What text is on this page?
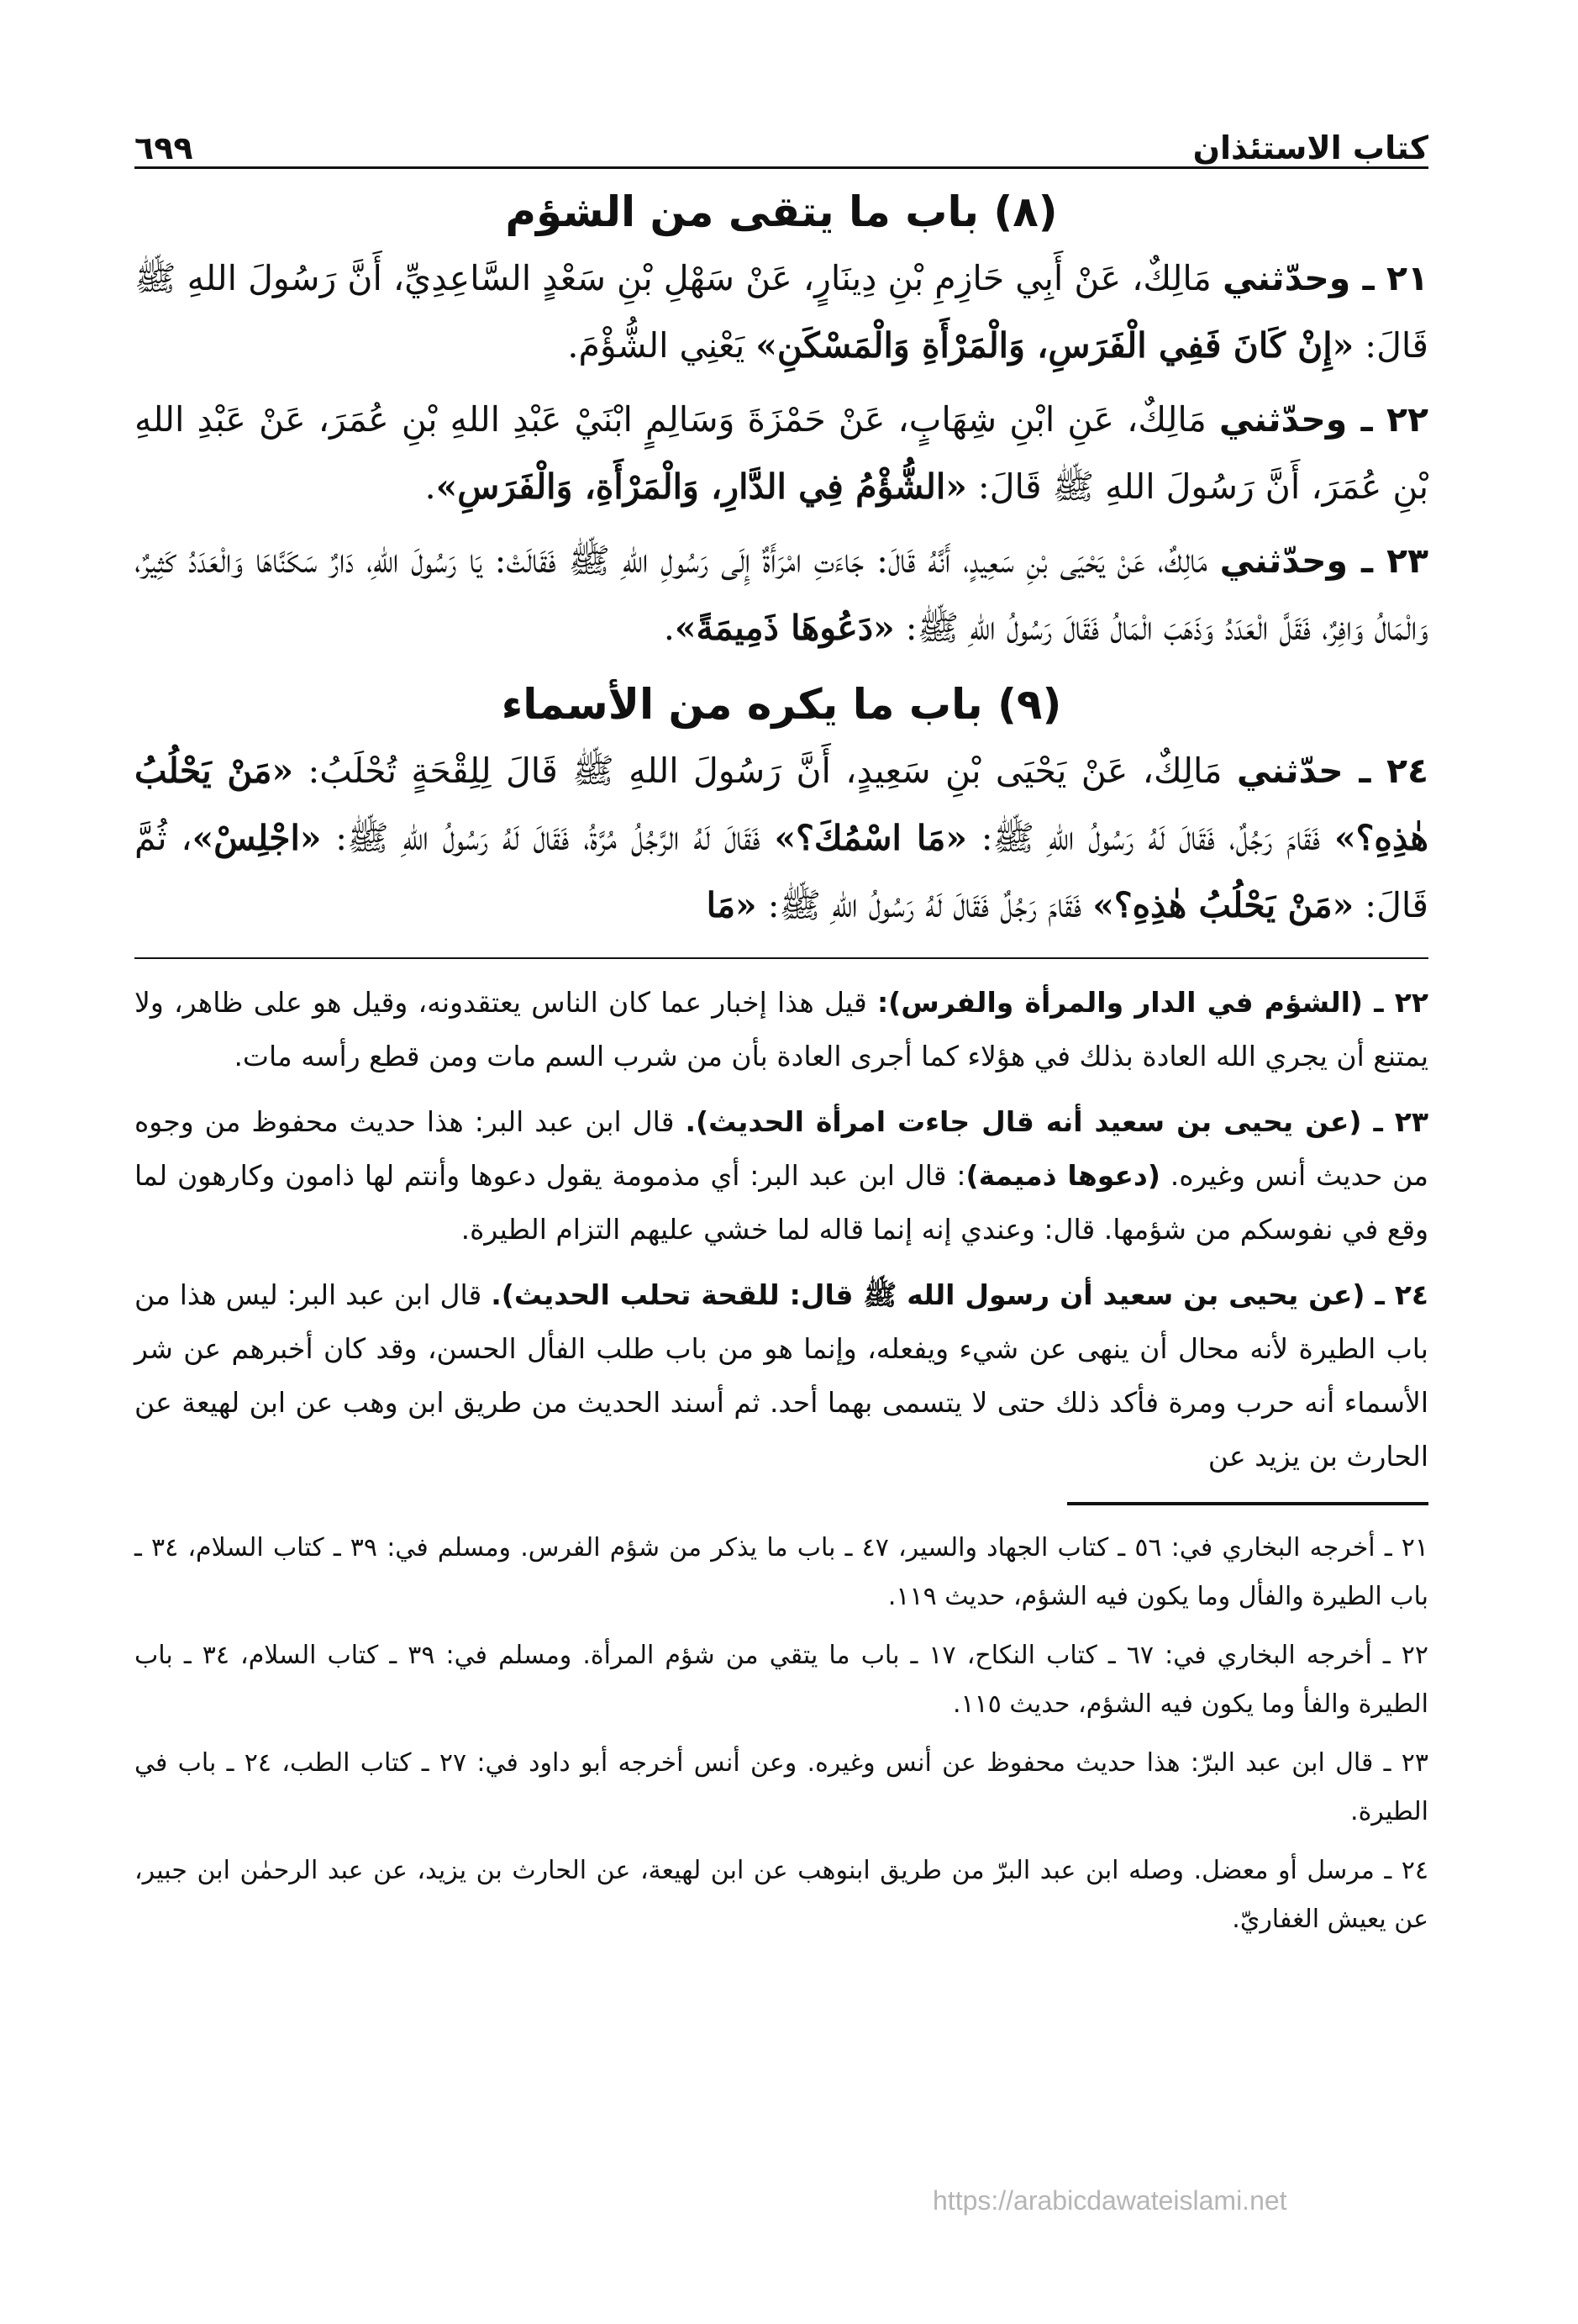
كتاب الاستئذان
٦٩٩
(٨) باب ما يتقى من الشؤم

٢١ ـ وحدّثني مَالِكٌ، عَنْ أَبِي حَازِمِ بْنِ دِينَارٍ، عَنْ سَهْلِ بْنِ سَعْدٍ السَّاعِدِيِّ، أَنَّ رَسُولَ اللهِ ﷺ قَالَ: «إِنْ كَانَ فَفِي الْفَرَسِ، وَالْمَرْأَةِ وَالْمَسْكَنِ» يَعْنِي الشُّؤْمَ.

٢٢ ـ وحدّثني مَالِكٌ، عَنِ ابْنِ شِهَابٍ، عَنْ حَمْزَةَ وَسَالِمٍ ابْنَيْ عَبْدِ اللهِ بْنِ عُمَرَ، عَنْ عَبْدِ اللهِ بْنِ عُمَرَ، أَنَّ رَسُولَ اللهِ ﷺ قَالَ: «الشُّؤْمُ فِي الدَّارِ، وَالْمَرْأَةِ، وَالْفَرَسِ».

٢٣ ـ وحدّثني مَالِكٌ، عَنْ يَحْيَى بْنِ سَعِيدٍ، أَنَّهُ قَالَ: جَاءَتِ امْرَأَةٌ إِلَى رَسُولِ اللهِ ﷺ فَقَالَتْ: يَا رَسُولَ اللهِ، دَارٌ سَكَنَّاهَا وَالْعَدَدُ كَثِيرٌ، وَالْمَالُ وَافِرٌ، فَقَلَّ الْعَدَدُ وَذَهَبَ الْمَالُ فَقَالَ رَسُولُ اللهِ ﷺ: «دَعُوهَا ذَمِيمَةً».

(٩) باب ما يكره من الأسماء

٢٤ ـ حدّثني مَالِكٌ، عَنْ يَحْيَى بْنِ سَعِيدٍ، أَنَّ رَسُولَ اللهِ ﷺ قَالَ لِلِقْحَةٍ تُحْلَبُ: «مَنْ يَحْلُبُ هٰذِهِ؟» فَقَامَ رَجُلٌ، فَقَالَ لَهُ رَسُولُ اللهِ ﷺ: «مَا اسْمُكَ؟» فَقَالَ لَهُ الرَّجُلُ مُرَّةُ، فَقَالَ لَهُ رَسُولُ اللهِ ﷺ: «اجْلِسْ»، ثُمَّ قَالَ: «مَنْ يَحْلُبُ هٰذِهِ؟» فَقَامَ رَجُلٌ فَقَالَ لَهُ رَسُولُ اللهِ ﷺ: «مَا

٢٢ ـ (الشؤم في الدار والمرأة والفرس): قيل هذا إخبار عما كان الناس يعتقدونه، وقيل هو على ظاهر، ولا يمتنع أن يجري الله العادة بذلك في هؤلاء كما أجرى العادة بأن من شرب السم مات ومن قطع رأسه مات.

٢٣ ـ (عن يحيى بن سعيد أنه قال جاءت امرأة الحديث). قال ابن عبد البر: هذا حديث محفوظ من وجوه من حديث أنس وغيره. (دعوها ذميمة): قال ابن عبد البر: أي مذمومة يقول دعوها وأنتم لها ذامون وكارهون لما وقع في نفوسكم من شؤمها. قال: وعندي إنه إنما قاله لما خشي عليهم التزام الطيرة.

٢٤ ـ (عن يحيى بن سعيد أن رسول الله ﷺ قال: للقحة تحلب الحديث). قال ابن عبد البر: ليس هذا من باب الطيرة لأنه محال أن ينهى عن شيء ويفعله، وإنما هو من باب طلب الفأل الحسن، وقد كان أخبرهم عن شر الأسماء أنه حرب ومرة فأكد ذلك حتى لا يتسمى بهما أحد. ثم أسند الحديث من طريق ابن وهب عن ابن لهيعة عن الحارث بن يزيد عن

٢١ ـ أخرجه البخاري في: ٥٦ ـ كتاب الجهاد والسير، ٤٧ ـ باب ما يذكر من شؤم الفرس. ومسلم في: ٣٩ ـ كتاب السلام، ٣٤ ـ باب الطيرة والفأل وما يكون فيه الشؤم، حديث ١١٩.

٢٢ ـ أخرجه البخاري في: ٦٧ ـ كتاب النكاح، ١٧ ـ باب ما يتقي من شؤم المرأة. ومسلم في: ٣٩ ـ كتاب السلام، ٣٤ ـ باب الطيرة والفأ وما يكون فيه الشؤم، حديث ١١٥.

٢٣ ـ قال ابن عبد البرّ: هذا حديث محفوظ عن أنس وغيره. وعن أنس أخرجه أبو داود في: ٢٧ ـ كتاب الطب، ٢٤ ـ باب في الطيرة.

٢٤ ـ مرسل أو معضل. وصله ابن عبد البرّ من طريق ابنوهب عن ابن لهيعة، عن الحارث بن يزيد، عن عبد الرحمٰن ابن جبير، عن يعيش الغفاريّ.

https://arabicdawateislami.net
